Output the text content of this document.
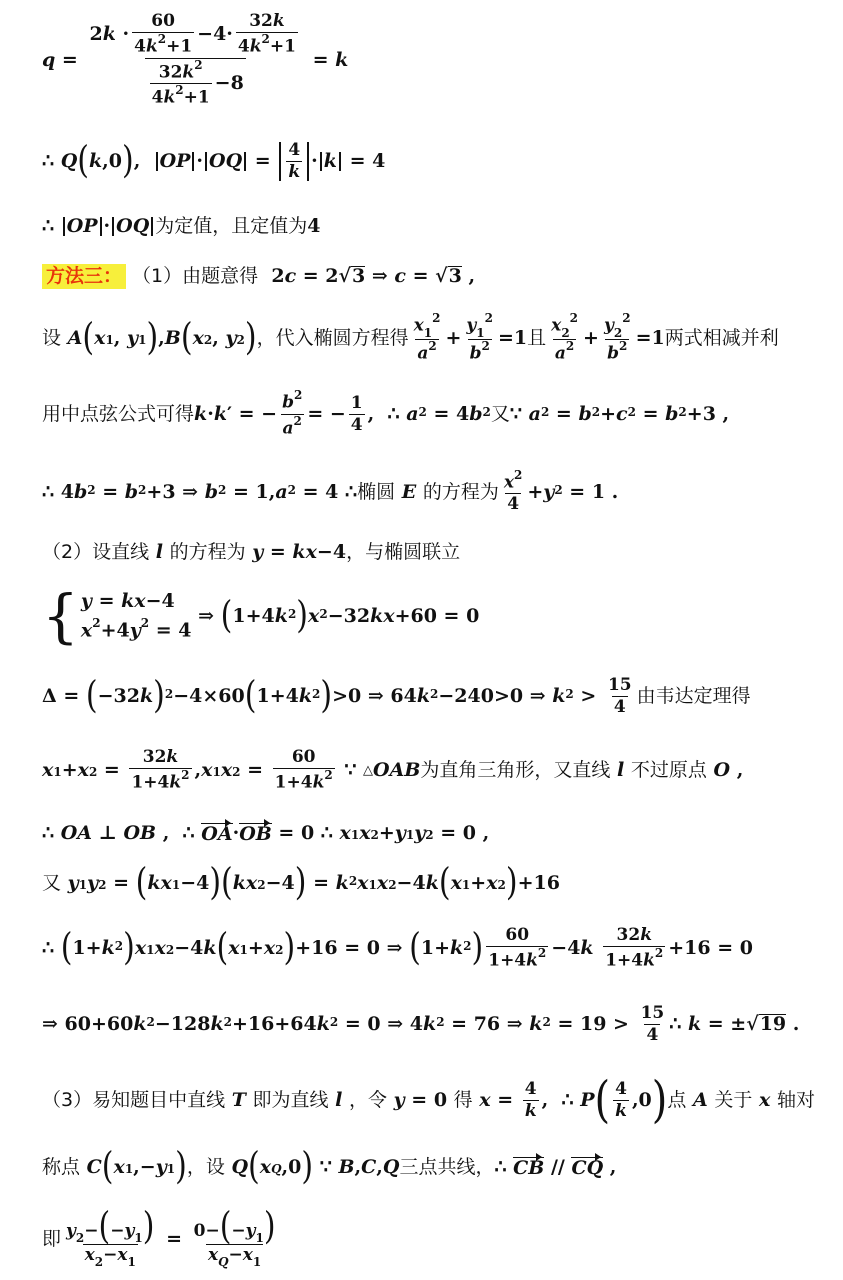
$q = \frac{2 k \cdot \frac{60}{4k^2+1} -4\cdot \frac{32k}{4k^2+1}}{\frac{32k^2}{4k^2+1} -8} = k$
∴ Q ( k ,0 ) , OP · OQ = $\frac{4}{k} \cdot k = 4$
∴ OP · OQ 为定值，且定值为 4
方法三： （1） 由题意得 2 c = 2√ 3 ⇒ c = √ 3 ,
设
A ( $x_1$ , $y_1$ ) , B ( $x_2$ , $y_2$ ) ，代入椭圆方程得 $\frac{x_1^2}{a^2} + \frac{y_1^2}{b^2} =1$ 且 $\frac{x_2^2}{a^2} + \frac{y_2^2}{b^2} =1$ 两式相减并利
用中点弦公式可得 k · k ′ = − $\frac{b^2}{a^2}$ = − $\frac{1}{4}$ ,  ∴ $a^2 = 4$ $b^2$ 又 ∵ $a^2 = b^2 + c^2 = b^2 +3$ ,
∴ 4 $b^2 = b^2 +3$ ⇒ $b^2 = 1$, $a^2 = 4$ ∴ 椭圆
E
的方程为 $\frac{x^2}{4} + y^2 = 1$ .
（2） 设直线
l
的方程为
y = kx −4 ，与椭圆联立
{ y = kx−4
$x^2+4y^2 = 4$
⇒ ( 1+4 $k^2$ ) $x^2 -32$ kx +60 = 0
Δ = ( −32 k )$^2$ −4×60 ( 1+4 $k^2$ ) >0 ⇒ 64 $k^2 -240>0$ ⇒ $k^2 > \frac{15}{4}$ 由韦达定理得
$x_1 + x_2 = \frac{32k}{1+4k^2}$ , $x_1$ $x_2 = \frac{60}{1+4k^2}$ ∵ △ OAB 为直角三角形，又直线
l
不过原点
O ,
∴ OA ⊥ OB ,  ∴ OA · OB = 0 ∴ $x_1$ $x_2 + y_1$ $y_2 = 0$ ,
又
$y_1$ $y_2$ = ( $kx_1 -4$ ) ( $kx_2 -4$ ) = $k^2$ $x_1$ $x_2 -4$ k ( $x_1 + x_2$ ) +16
∴ ( $1+ k^2$ ) $x_1$ $x_2 -4$ k ( $x_1 + x_2$ ) +16 = 0 ⇒ ( $1+ k^2$ ) $\frac{60}{1+4k^2} -4$ k
$\frac{32k}{1+4k^2} +16 = 0$
⇒ 60+60 $k^2 -128$ $k^2 +16+64$ $k^2 = 0$ ⇒ 4 $k^2 = 76$ ⇒ $k^2 = 19 > \frac{15}{4}$ ∴ k = ±√ 19 .
（3） 易知题目中直线
T
即为直线
l
，令
y = 0 得
$x = \frac{4}{k}$ ,  ∴ P ( $\frac{4}{k} ,0$ ) 点
A
关于
x
轴对
称点
C ( $x_1$ ,− $y_1$ ) ，设
Q ( x $_Q$ ,0 ) ∵ B , C , Q 三点共线， ∴ CB // CQ ,
即 $\frac{y_2-(-y_1)}{x_2-x_1} = \frac{0-(-y_1)}{x_Q-x_1}$
